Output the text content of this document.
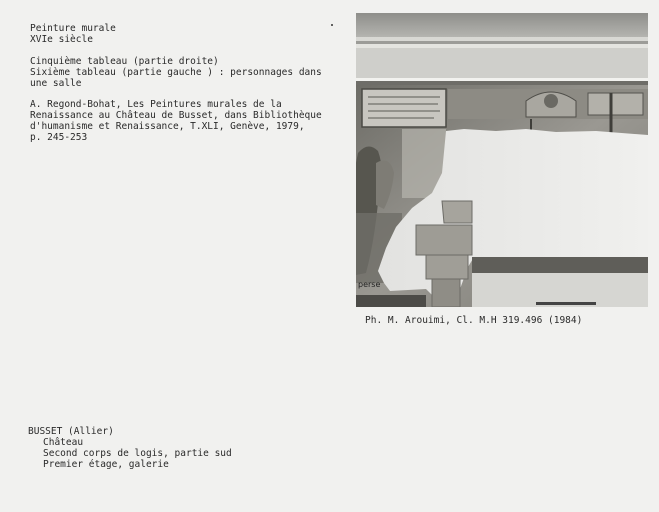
Peinture murale
XVIe siècle
Cinquième tableau (partie droite)
Sixième tableau (partie gauche ) : personnages dans
une salle
A. Regond-Bohat, Les Peintures murales de la
Renaissance au Château de Busset, dans Bibliothèque
d'humanisme et Renaissance, T.XLI, Genève, 1979,
p. 245-253
perse
Ph. M. Arouimi, Cl. M.H 319.496 (1984)
BUSSET (Allier)
Château
Second corps de logis, partie sud
Premier étage, galerie
